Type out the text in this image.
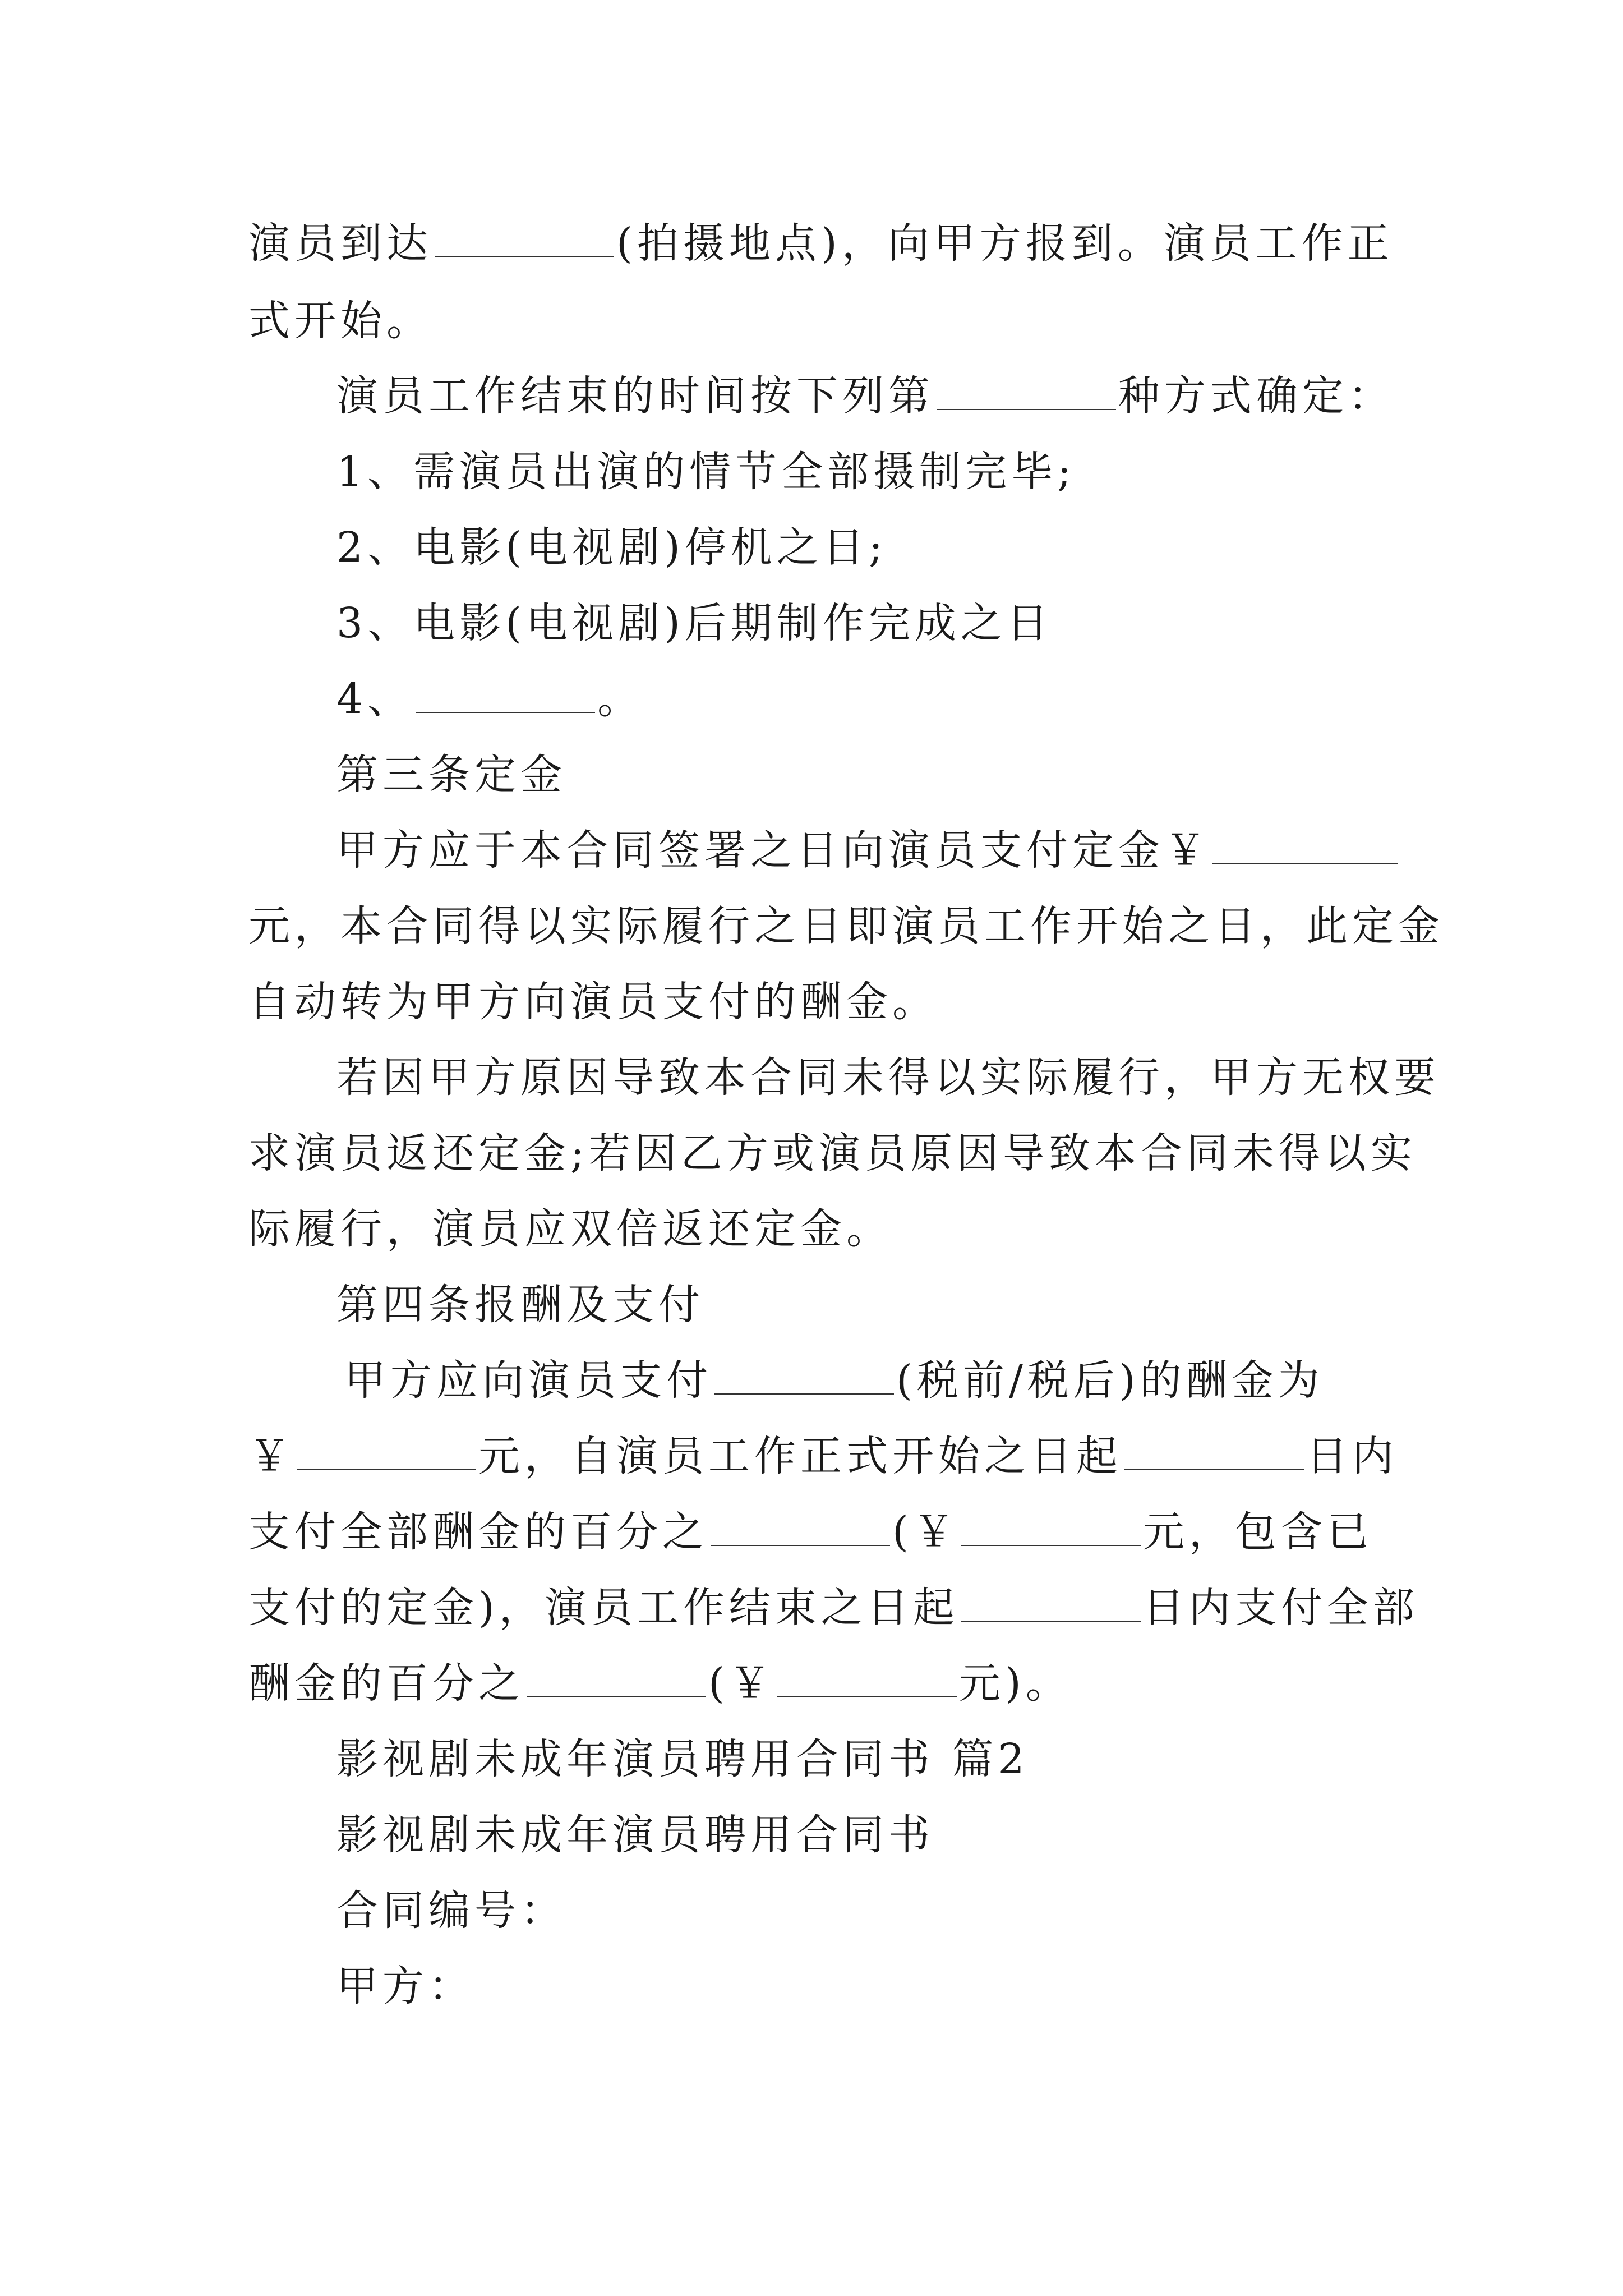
演员到达	(拍摄地点)，向甲方报到。演员工作正
式开始。
演员工作结束的时间按下列第	种方式确定：
1、需演员出演的情节全部摄制完毕;
2、电影(电视剧)停机之日;
3、电影(电视剧)后期制作完成之日
4、	。
第三条定金
甲方应于本合同签署之日向演员支付定金￥
元，本合同得以实际履行之日即演员工作开始之日，此定金
自动转为甲方向演员支付的酬金。
若因甲方原因导致本合同未得以实际履行，甲方无权要
求演员返还定金;若因乙方或演员原因导致本合同未得以实
际履行，演员应双倍返还定金。
第四条报酬及支付
甲方应向演员支付	(税前/税后)的酬金为
￥	元，自演员工作正式开始之日起	日内
支付全部酬金的百分之	(￥	元，包含已
支付的定金)，演员工作结束之日起	日内支付全部
酬金的百分之	(￥	元)。
影视剧未成年演员聘用合同书 篇2
影视剧未成年演员聘用合同书
合同编号：
甲方：
